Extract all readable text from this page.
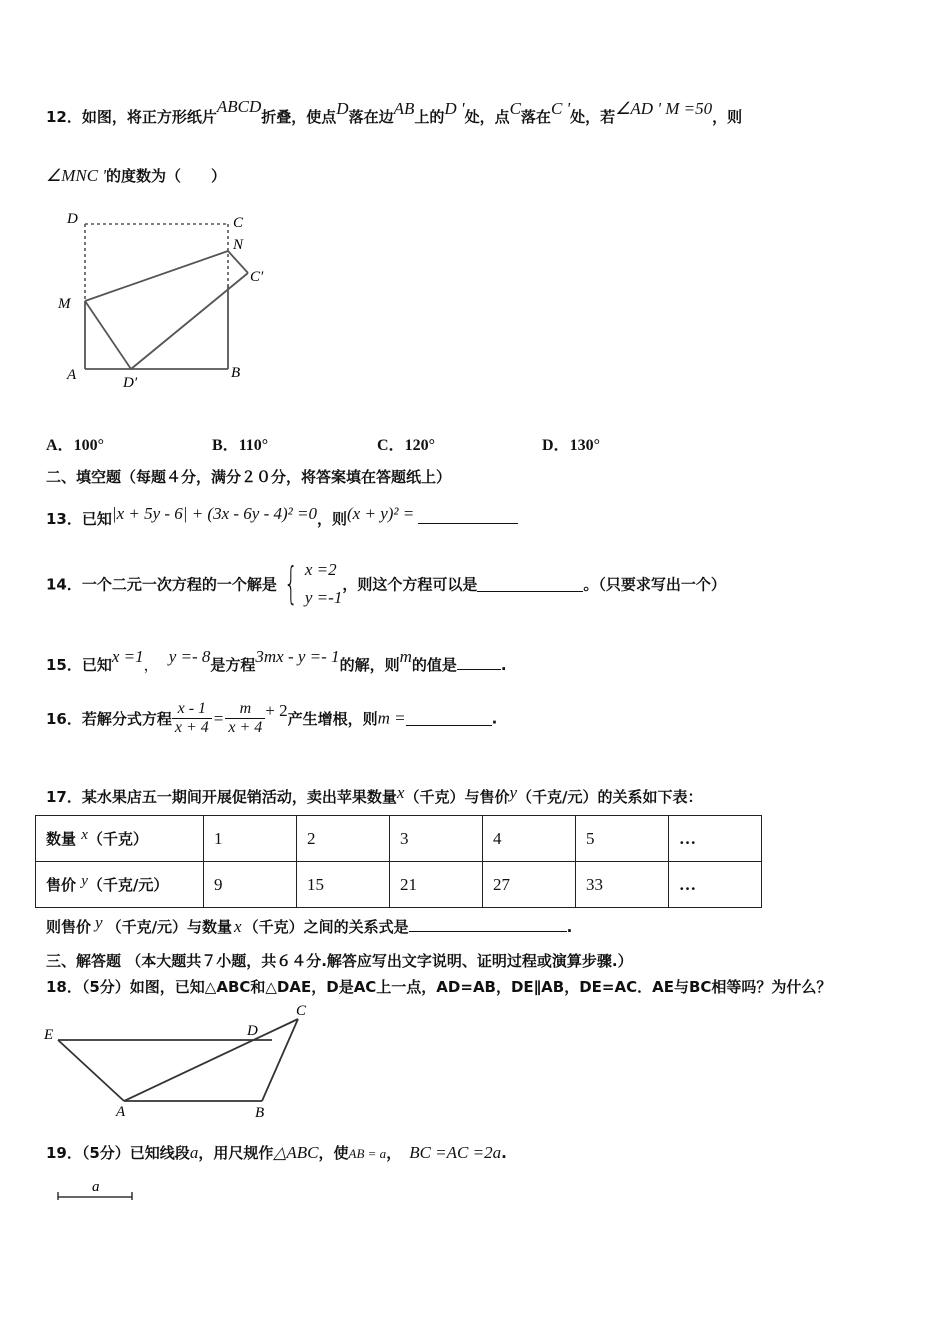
12．如图，将正方形纸片ABCD折叠，使点D落在边AB上的D '处，点C落在C '处，若∠AD ' M =50，则
∠MNC '的度数为（　　）
D	C
N
C′
M
A	D′
B
A．100°	B．110°	C．120°	D．130°
二、填空题（每题４分，满分２０分，将答案填在答题纸上）
13．已知|x + 5y - 6| + (3x - 6y - 4)² =0，则(x + y)² =
14．一个二元一次方程的一个解是 { x =2
y =-1
，则这个方程可以是	。（只要求写出一个）
15．已知x =1， y =- 8是方程3mx - y =- 1的解，则m的值是	.
16．若解分式方程 $\frac{x - 1}{x + 4} = \frac{m}{x + 4} + 2$产生增根，则m =	.
17．某水果店五一期间开展促销活动，卖出苹果数量x（千克）与售价y（千克/元）的关系如下表：
数量 x（千克）	1	2	3	4	5	…
售价 y（千克/元）	9	15	21	27	33	…
则售价 y （千克/元）与数量 x （千克）之间的关系式是	.
三、解答题 （本大题共７小题，共６４分.解答应写出文字说明、证明过程或演算步骤.）
18．（5分）如图，已知△ABC和△DAE，D是AC上一点，AD=AB，DE∥AB，DE=AC．AE与BC相等吗？为什么？
E	D
C
A	B
19．（5分）已知线段a，用尺规作△ABC，使AB = a， BC =AC =2a.
a
